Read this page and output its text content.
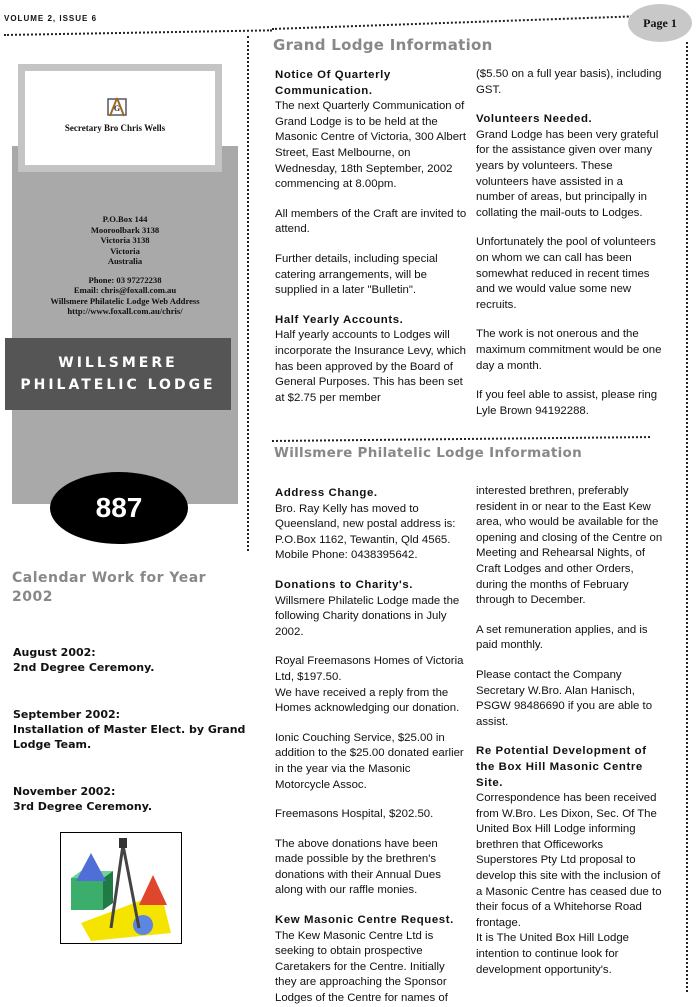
VOLUME 2, ISSUE 6	Page 1
G
Secretary Bro Chris Wells
P.O.Box 144
Mooroolbark 3138
Victoria 3138
Victoria
Australia
Phone: 03 97272238
Email: chris@foxall.com.au
Willsmere Philatelic Lodge Web Address
http://www.foxall.com.au/chris/
WILLSMERE
PHILATELIC LODGE
887
Calendar Work for Year 2002
August 2002:
2nd Degree Ceremony.
September 2002:
Installation of Master Elect. by Grand Lodge Team.
November 2002:
3rd Degree Ceremony.
Grand Lodge Information
Notice Of Quarterly Communication.

The next Quarterly Communication of Grand Lodge is to be held at the Masonic Centre of Victoria, 300 Albert Street, East Melbourne, on Wednesday, 18th September, 2002 commencing at 8.00pm.

All members of the Craft are invited to attend.

Further details, including special catering arrangements, will be supplied in a later "Bulletin".

Half Yearly Accounts.

Half yearly accounts to Lodges will incorporate the Insurance Levy, which has been approved by the Board of General Purposes. This has been set at $2.75 per member

($5.50 on a full year basis), including GST.

Volunteers Needed.

Grand Lodge has been very grateful for the assistance given over many years by volunteers. These volunteers have assisted in a number of areas, but principally in collating the mail-outs to Lodges.

Unfortunately the pool of volunteers on whom we can call has been somewhat reduced in recent times and we would value some new recruits.

The work is not onerous and the maximum commitment would be one day a month.

If you feel able to assist, please ring Lyle Brown 94192288.

Willsmere Philatelic Lodge Information
Address Change.

Bro. Ray Kelly has moved to Queensland, new postal address is: P.O.Box 1162, Tewantin, Qld 4565. Mobile Phone: 0438395642.

Donations to Charity's.

Willsmere Philatelic Lodge made the following Charity donations in July 2002.

Royal Freemasons Homes of Victoria Ltd, $197.50.

We have received a reply from the Homes acknowledging our donation.

Ionic Couching Service, $25.00 in addition to the $25.00 donated earlier in the year via the Masonic Motorcycle Assoc.

Freemasons Hospital, $202.50.

The above donations have been made possible by the brethren's donations with their Annual Dues along with our raffle monies.

Kew Masonic Centre Request.

The Kew Masonic Centre Ltd is seeking to obtain prospective Caretakers for the Centre. Initially they are approaching the Sponsor Lodges of the Centre for names of

interested brethren, preferably resident in or near to the East Kew area, who would be available for the opening and closing of the Centre on Meeting and Rehearsal Nights, of Craft Lodges and other Orders, during the months of February through to December.

A set remuneration applies, and is paid monthly.

Please contact the Company Secretary W.Bro. Alan Hanisch, PSGW 98486690 if you are able to assist.

Re Potential Development of the Box Hill Masonic Centre Site.

Correspondence has been received from W.Bro. Les Dixon, Sec. Of The United Box Hill Lodge informing brethren that Officeworks Superstores Pty Ltd proposal to develop this site with the inclusion of a Masonic Centre has ceased due to their focus of a Whitehorse Road frontage.

It is The United Box Hill Lodge intention to continue look for development opportunity's.
